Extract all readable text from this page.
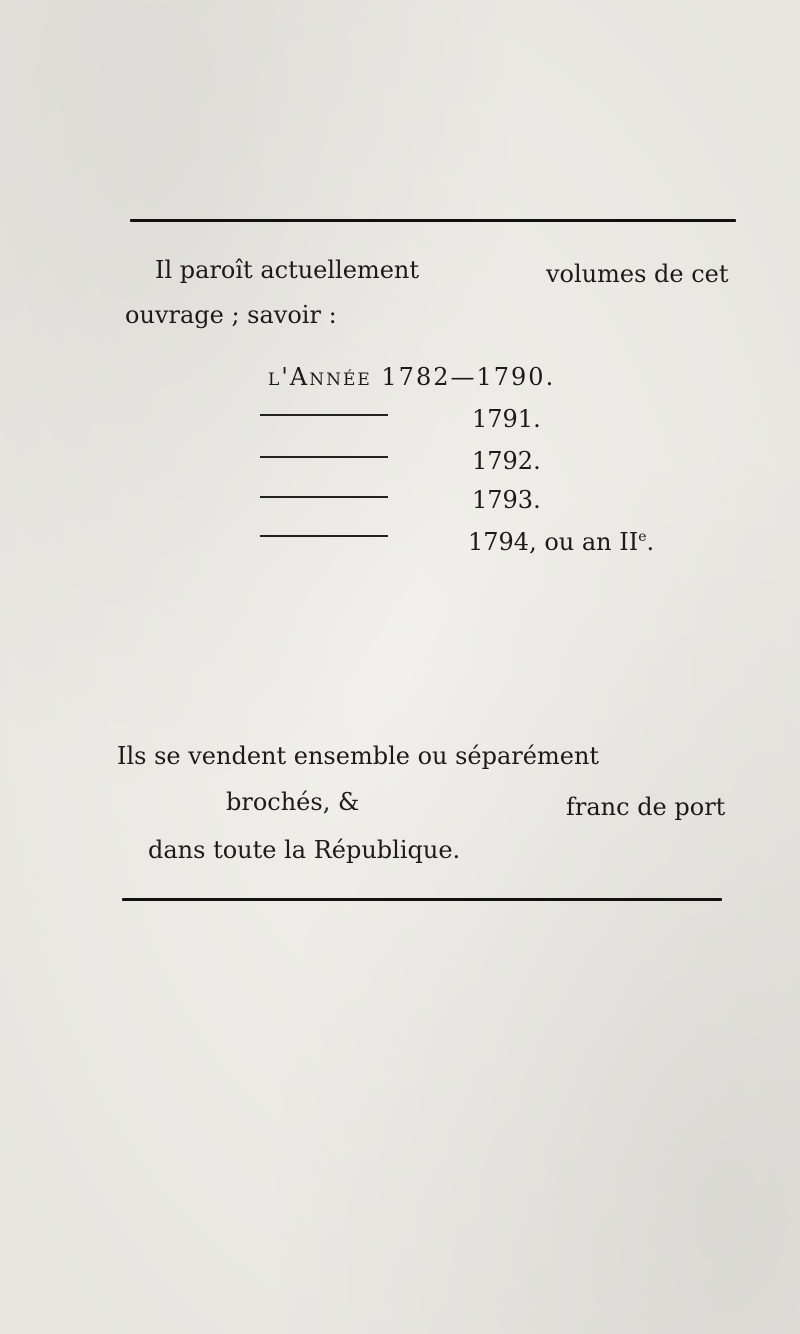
Il paroît actuellement	volumes de cet
ouvrage ; savoir :
l'Année 1782—1790.
1791.
1792.
1793.
1794, ou an IIe.
Ils se vendent ensemble ou séparément
brochés, &	franc de port
dans toute la République.
